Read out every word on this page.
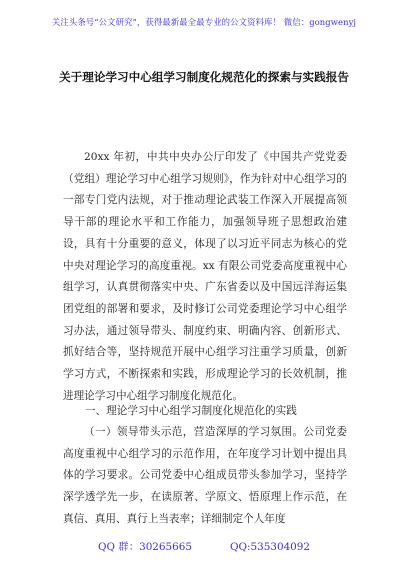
关注头条号“公文研究”，获得最新最全最专业的公文资料库！ 微信：gongwenyj
关于理论学习中心组学习制度化规范化的探索与实践报告

20xx 年初，中共中央办公厅印发了《中国共产党党委（党组）理论学习中心组学习规则》，作为针对中心组学习的一部专门党内法规，对于推动理论武装工作深入开展提高领导干部的理论水平和工作能力，加强领导班子思想政治建设，具有十分重要的意义，体现了以习近平同志为核心的党中央对理论学习的高度重视。xx 有限公司党委高度重视中心组学习，认真贯彻落实中央、广东省委以及中国远洋海运集团党组的部署和要求，及时修订公司党委理论学习中心组学习办法，通过领导带头、制度约束、明确内容、创新形式、抓好结合等，坚持规范开展中心组学习注重学习质量，创新学习方式，不断探索和实践，形成理论学习的长效机制，推进理论学习中心组学习制度化规范化。

一、理论学习中心组学习制度化规范化的实践

（一）领导带头示范，营造深厚的学习氛围。公司党委高度重视中心组学习的示范作用，在年度学习计划中提出具体的学习要求。公司党委中心组成员带头参加学习，坚持学深学透学先一步，在读原著、学原文、悟原理上作示范，在真信、真用、真行上当表率；详细制定个人年度

QQ 群：30265665	QQ:535304092
